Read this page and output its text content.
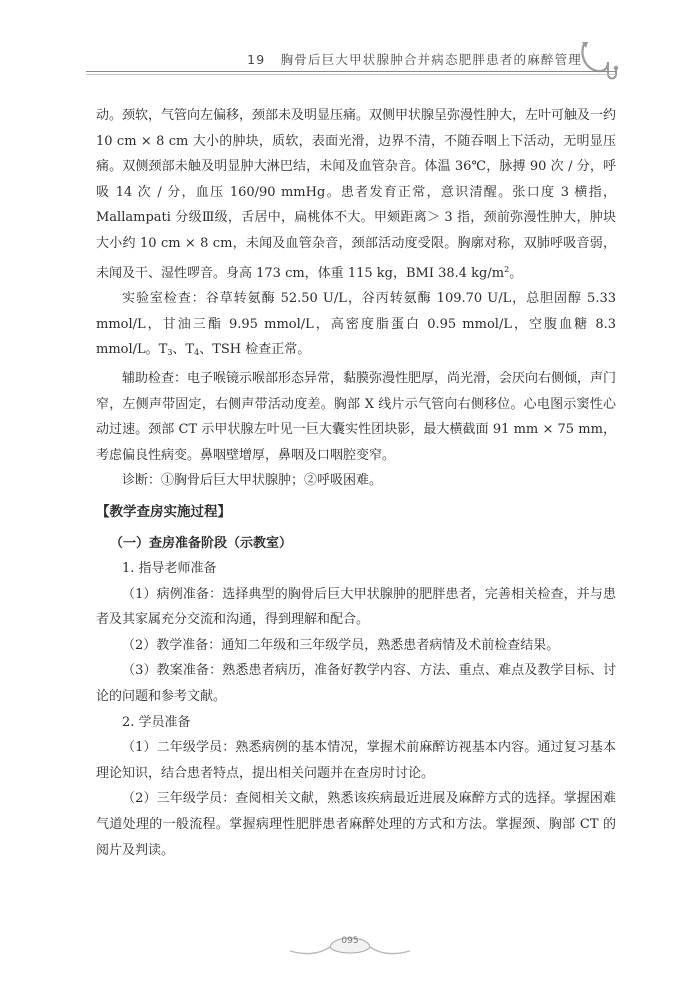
19 胸骨后巨大甲状腺肿合并病态肥胖患者的麻醉管理

动。颈软，气管向左偏移，颈部未及明显压痛。双侧甲状腺呈弥漫性肿大，左叶可触及一约 10 cm × 8 cm 大小的肿块，质软，表面光滑，边界不清，不随吞咽上下活动，无明显压痛。双侧颈部未触及明显肿大淋巴结，未闻及血管杂音。体温 36℃，脉搏 90 次 / 分，呼吸 14 次 / 分，血压 160/90 mmHg。患者发育正常，意识清醒。张口度 3 横指，Mallampati 分级Ⅲ级，舌居中，扁桃体不大。甲颏距离＞ 3 指，颈前弥漫性肿大，肿块大小约 10 cm × 8 cm，未闻及血管杂音，颈部活动度受限。胸廓对称，双肺呼吸音弱，未闻及干、湿性啰音。身高 173 cm，体重 115 kg，BMI 38.4 $kg/m^2$。

实验室检查：谷草转氨酶 52.50 U/L，谷丙转氨酶 109.70 U/L，总胆固醇 5.33 mmol/L，甘油三酯 9.95 mmol/L，高密度脂蛋白 0.95 mmol/L，空腹血糖 8.3 mmol/L。T3、T4、TSH 检查正常。

辅助检查：电子喉镜示喉部形态异常，黏膜弥漫性肥厚，尚光滑，会厌向右侧倾，声门窄，左侧声带固定，右侧声带活动度差。胸部 X 线片示气管向右侧移位。心电图示窦性心动过速。颈部 CT 示甲状腺左叶见一巨大囊实性团块影，最大横截面 91 mm × 75 mm，考虑偏良性病变。鼻咽壁增厚，鼻咽及口咽腔变窄。

诊断：①胸骨后巨大甲状腺肿；②呼吸困难。

【教学查房实施过程】

（一）查房准备阶段（示教室）

1. 指导老师准备

（1）病例准备：选择典型的胸骨后巨大甲状腺肿的肥胖患者，完善相关检查，并与患者及其家属充分交流和沟通，得到理解和配合。

（2）教学准备：通知二年级和三年级学员，熟悉患者病情及术前检查结果。

（3）教案准备：熟悉患者病历，准备好教学内容、方法、重点、难点及教学目标、讨论的问题和参考文献。

2. 学员准备

（1）二年级学员：熟悉病例的基本情况，掌握术前麻醉访视基本内容。通过复习基本理论知识，结合患者特点，提出相关问题并在查房时讨论。

（2）三年级学员：查阅相关文献，熟悉该疾病最近进展及麻醉方式的选择。掌握困难气道处理的一般流程。掌握病理性肥胖患者麻醉处理的方式和方法。掌握颈、胸部 CT 的阅片及判读。

095
